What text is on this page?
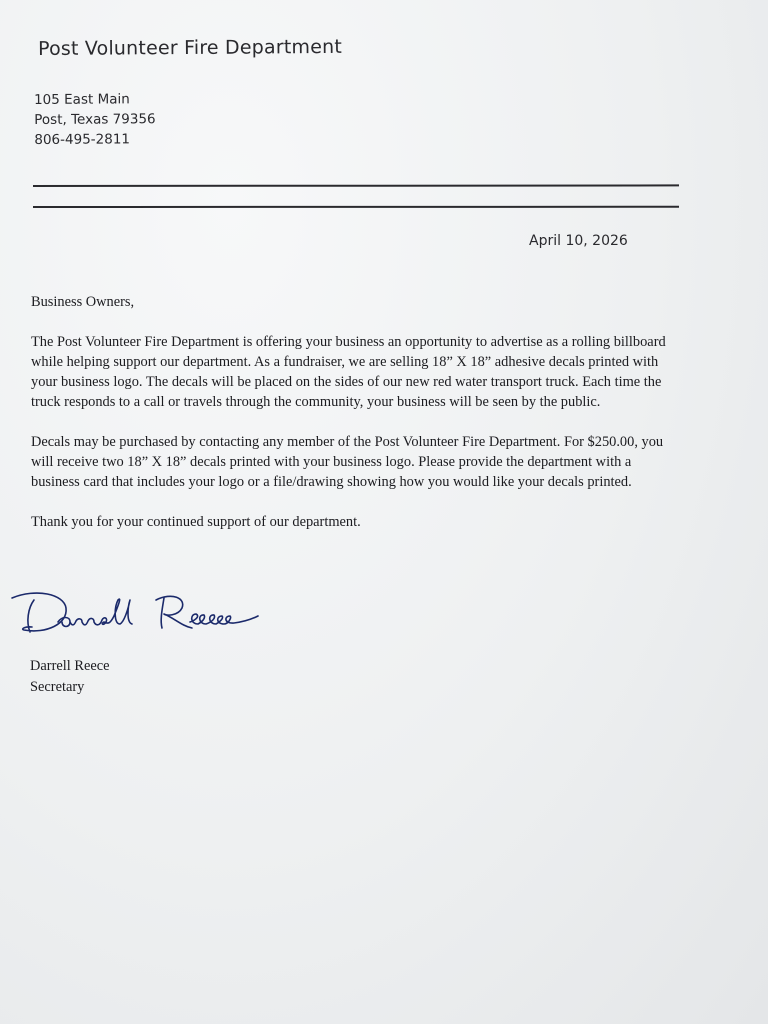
Post Volunteer Fire Department
105 East Main
Post, Texas 79356
806-495-2811
April 10, 2026

Business Owners,

The Post Volunteer Fire Department is offering your business an opportunity to advertise as a rolling billboard while helping support our department. As a fundraiser, we are selling 18” X 18” adhesive decals printed with your business logo. The decals will be placed on the sides of our new red water transport truck. Each time the truck responds to a call or travels through the community, your business will be seen by the public.

Decals may be purchased by contacting any member of the Post Volunteer Fire Department. For $250.00, you will receive two 18” X 18” decals printed with your business logo. Please provide the department with a business card that includes your logo or a file/drawing showing how you would like your decals printed.

Thank you for your continued support of our department.

Darrell Reece
Secretary
